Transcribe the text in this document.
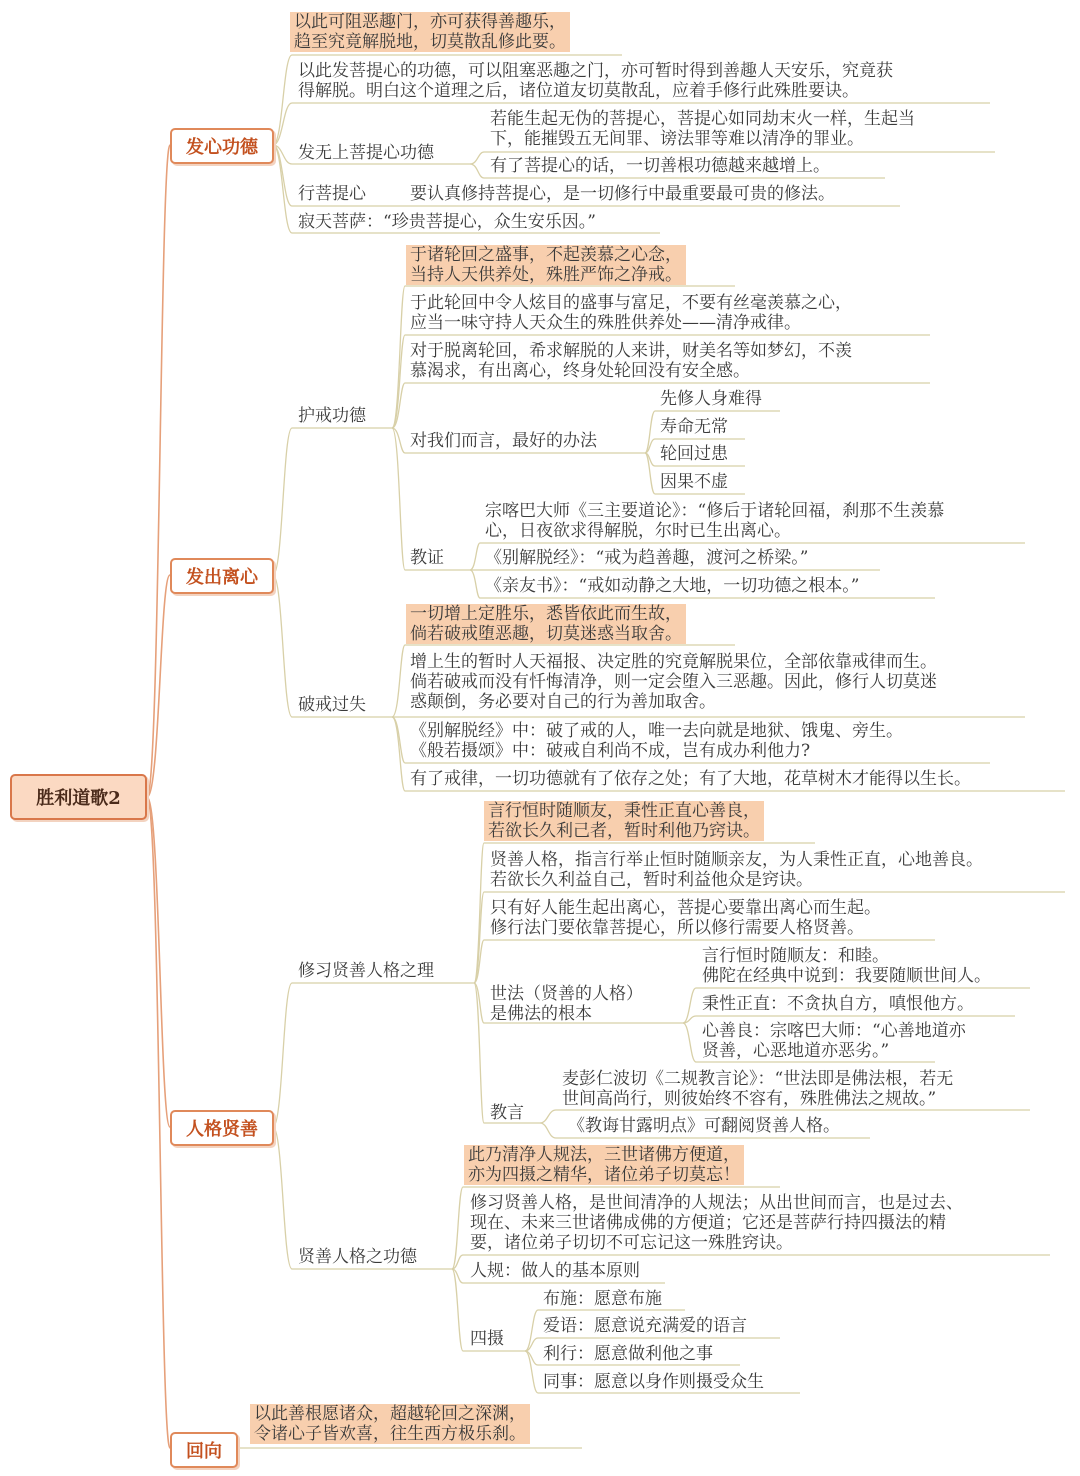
胜利道歌2
发心功德
发出离心
人格贤善
回向
以此可阻恶趣门，亦可获得善趣乐，
趋至究竟解脱地，切莫散乱修此要。
以此发菩提心的功德，可以阻塞恶趣之门，亦可暂时得到善趣人天安乐，究竟获
得解脱。明白这个道理之后，诸位道友切莫散乱，应着手修行此殊胜要诀。
发无上菩提心功德
若能生起无伪的菩提心，菩提心如同劫末火一样，生起当
下，能摧毁五无间罪、谤法罪等难以清净的罪业。
有了菩提心的话，一切善根功德越来越增上。
行菩提心	要认真修持菩提心，是一切修行中最重要最可贵的修法。
寂天菩萨：“珍贵菩提心，众生安乐因。”
护戒功德
于诸轮回之盛事，不起羡慕之心念，
当持人天供养处，殊胜严饰之净戒。
于此轮回中令人炫目的盛事与富足，不要有丝毫羡慕之心，
应当一味守持人天众生的殊胜供养处——清净戒律。
对于脱离轮回，希求解脱的人来讲，财美名等如梦幻，不羡
慕渴求，有出离心，终身处轮回没有安全感。
对我们而言，最好的办法
先修人身难得
寿命无常
轮回过患
因果不虚
教证
宗喀巴大师《三主要道论》：“修后于诸轮回福，刹那不生羡慕
心，日夜欲求得解脱，尔时已生出离心。
《别解脱经》：“戒为趋善趣，渡河之桥梁。”
《亲友书》：“戒如动静之大地，一切功德之根本。”
破戒过失
一切增上定胜乐，悉皆依此而生故，
倘若破戒堕恶趣，切莫迷惑当取舍。
增上生的暂时人天福报、决定胜的究竟解脱果位，全部依靠戒律而生。
倘若破戒而没有忏悔清净，则一定会堕入三恶趣。因此，修行人切莫迷
惑颠倒，务必要对自己的行为善加取舍。
《别解脱经》中：破了戒的人，唯一去向就是地狱、饿鬼、旁生。
《般若摄颂》中：破戒自利尚不成，岂有成办利他力?
有了戒律，一切功德就有了依存之处；有了大地，花草树木才能得以生长。
修习贤善人格之理
言行恒时随顺友，秉性正直心善良，
若欲长久利己者，暂时利他乃窍诀。
贤善人格，指言行举止恒时随顺亲友，为人秉性正直，心地善良。
若欲长久利益自己，暂时利益他众是窍诀。
只有好人能生起出离心，菩提心要靠出离心而生起。
修行法门要依靠菩提心，所以修行需要人格贤善。
世法（贤善的人格）
是佛法的根本
言行恒时随顺友：和睦。
佛陀在经典中说到：我要随顺世间人。
秉性正直：不贪执自方，嗔恨他方。
心善良：宗喀巴大师：“心善地道亦
贤善，心恶地道亦恶劣。”
教言
麦彭仁波切《二规教言论》：“世法即是佛法根，若无
世间高尚行，则彼始终不容有，殊胜佛法之规故。”
《教诲甘露明点》可翻阅贤善人格。
贤善人格之功德
此乃清净人规法，三世诸佛方便道，
亦为四摄之精华，诸位弟子切莫忘！
修习贤善人格，是世间清净的人规法；从出世间而言，也是过去、
现在、未来三世诸佛成佛的方便道；它还是菩萨行持四摄法的精
要，诸位弟子切切不可忘记这一殊胜窍诀。
人规：做人的基本原则
四摄
布施：愿意布施
爱语：愿意说充满爱的语言
利行：愿意做利他之事
同事：愿意以身作则摄受众生
以此善根愿诸众，超越轮回之深渊，
令诸心子皆欢喜，往生西方极乐刹。
